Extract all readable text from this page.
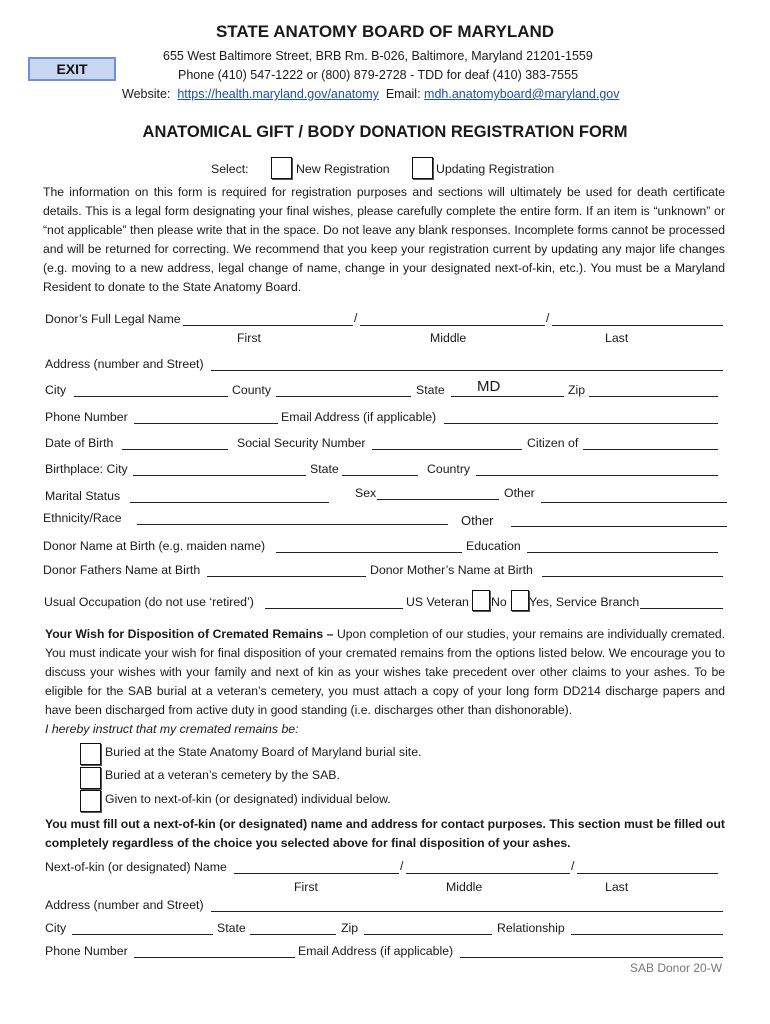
STATE ANATOMY BOARD OF MARYLAND
EXIT
655 West Baltimore Street, BRB Rm. B-026, Baltimore, Maryland 21201-1559
Phone (410) 547-1222 or (800) 879-2728 - TDD for deaf (410) 383-7555
Website: https://health.maryland.gov/anatomy Email: mdh.anatomyboard@maryland.gov
ANATOMICAL GIFT / BODY DONATION REGISTRATION FORM
Select:	New Registration	Updating Registration
The information on this form is required for registration purposes and sections will ultimately be used for death certificate details. This is a legal form designating your final wishes, please carefully complete the entire form. If an item is “unknown” or “not applicable” then please write that in the space. Do not leave any blank responses. Incomplete forms cannot be processed and will be returned for correcting. We recommend that you keep your registration current by updating any major life changes (e.g. moving to a new address, legal change of name, change in your designated next-of-kin, etc.). You must be a Maryland Resident to donate to the State Anatomy Board.
Donor’s Full Legal Name	/	/
First	Middle	Last
Address (number and Street)
City	County	State MD	Zip
Phone Number	Email Address (if applicable)
Date of Birth	Social Security Number	Citizen of
Birthplace: City	State	Country
Marital Status	Sex	Other
Ethnicity/Race	Other
Donor Name at Birth (e.g. maiden name)	Education
Donor Fathers Name at Birth	Donor Mother’s Name at Birth
Usual Occupation (do not use ‘retired’)	US Veteran No Yes, Service Branch
Your Wish for Disposition of Cremated Remains – Upon completion of our studies, your remains are individually cremated. You must indicate your wish for final disposition of your cremated remains from the options listed below. We encourage you to discuss your wishes with your family and next of kin as your wishes take precedent over other claims to your ashes. To be eligible for the SAB burial at a veteran’s cemetery, you must attach a copy of your long form DD214 discharge papers and have been discharged from active duty in good standing (i.e. discharges other than dishonorable).
I hereby instruct that my cremated remains be:
Buried at the State Anatomy Board of Maryland burial site.
Buried at a veteran’s cemetery by the SAB.
Given to next-of-kin (or designated) individual below.
You must fill out a next-of-kin (or designated) name and address for contact purposes. This section must be filled out completely regardless of the choice you selected above for final disposition of your ashes.
Next-of-kin (or designated) Name	/	/
First	Middle	Last
Address (number and Street)
City	State	Zip	Relationship
Phone Number	Email Address (if applicable)
SAB Donor 20-W
